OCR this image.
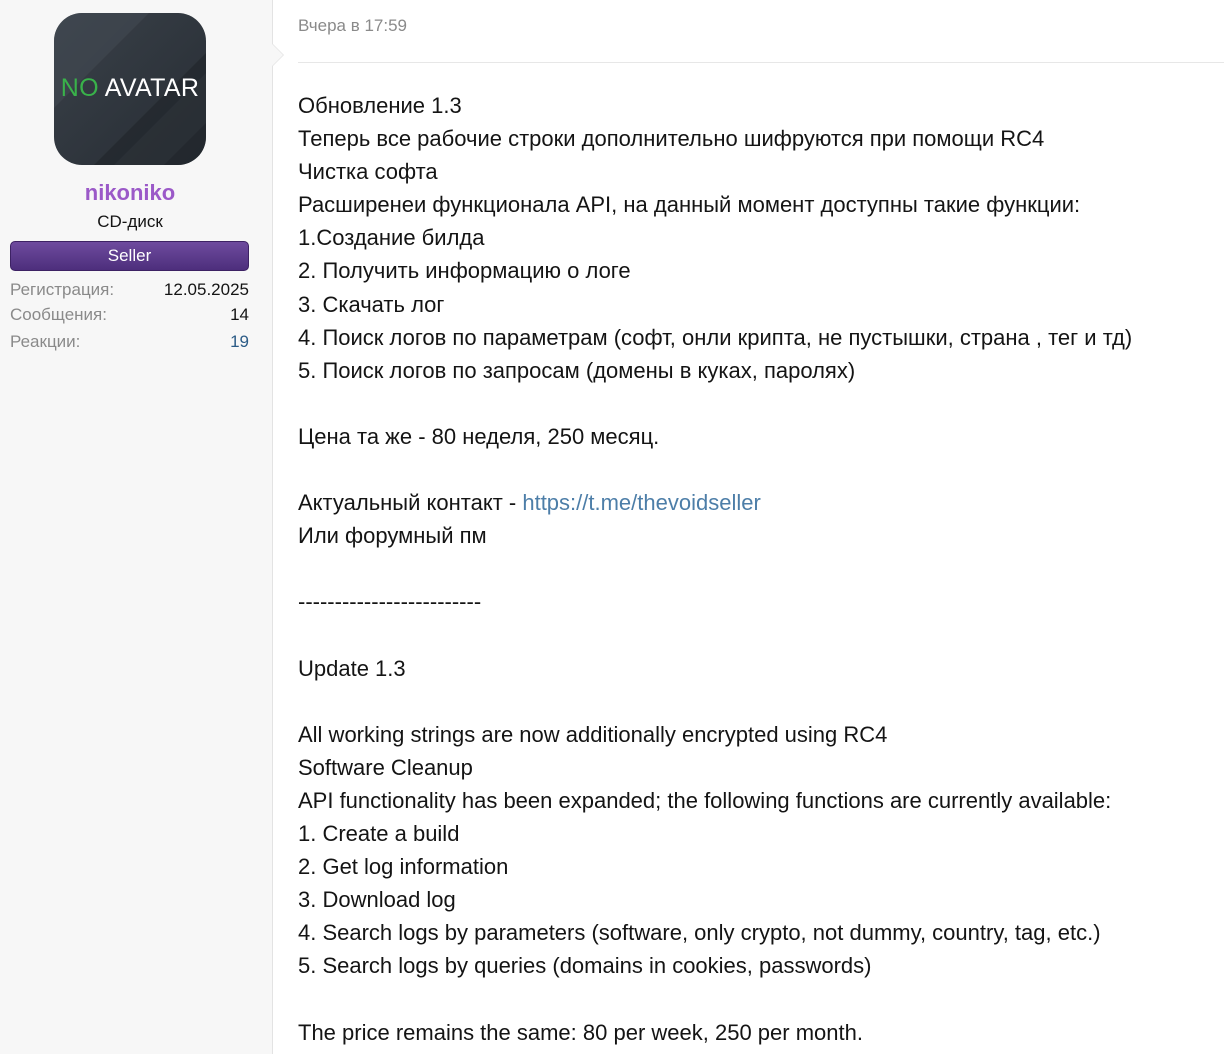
NO AVATAR
nikoniko
CD-диск
Seller
Регистрация:	12.05.2025
Сообщения:	14
Реакции:	19
Вчера в 17:59
Обновление 1.3
Теперь все рабочие строки дополнительно шифруются при помощи RC4
Чистка софта
Расширенеи функционала API, на данный момент доступны такие функции:
1.Создание билда
2. Получить информацию о логе
3. Скачать лог
4. Поиск логов по параметрам (софт, онли крипта, не пустышки, страна , тег и тд)
5. Поиск логов по запросам (домены в куках, паролях)
Цена та же - 80 неделя, 250 месяц.
Актуальный контакт - https://t.me/thevoidseller
Или форумный пм
-------------------------
Update 1.3
All working strings are now additionally encrypted using RC4
Software Cleanup
API functionality has been expanded; the following functions are currently available:
1. Create a build
2. Get log information
3. Download log
4. Search logs by parameters (software, only crypto, not dummy, country, tag, etc.)
5. Search logs by queries (domains in cookies, passwords)
The price remains the same: 80 per week, 250 per month.
